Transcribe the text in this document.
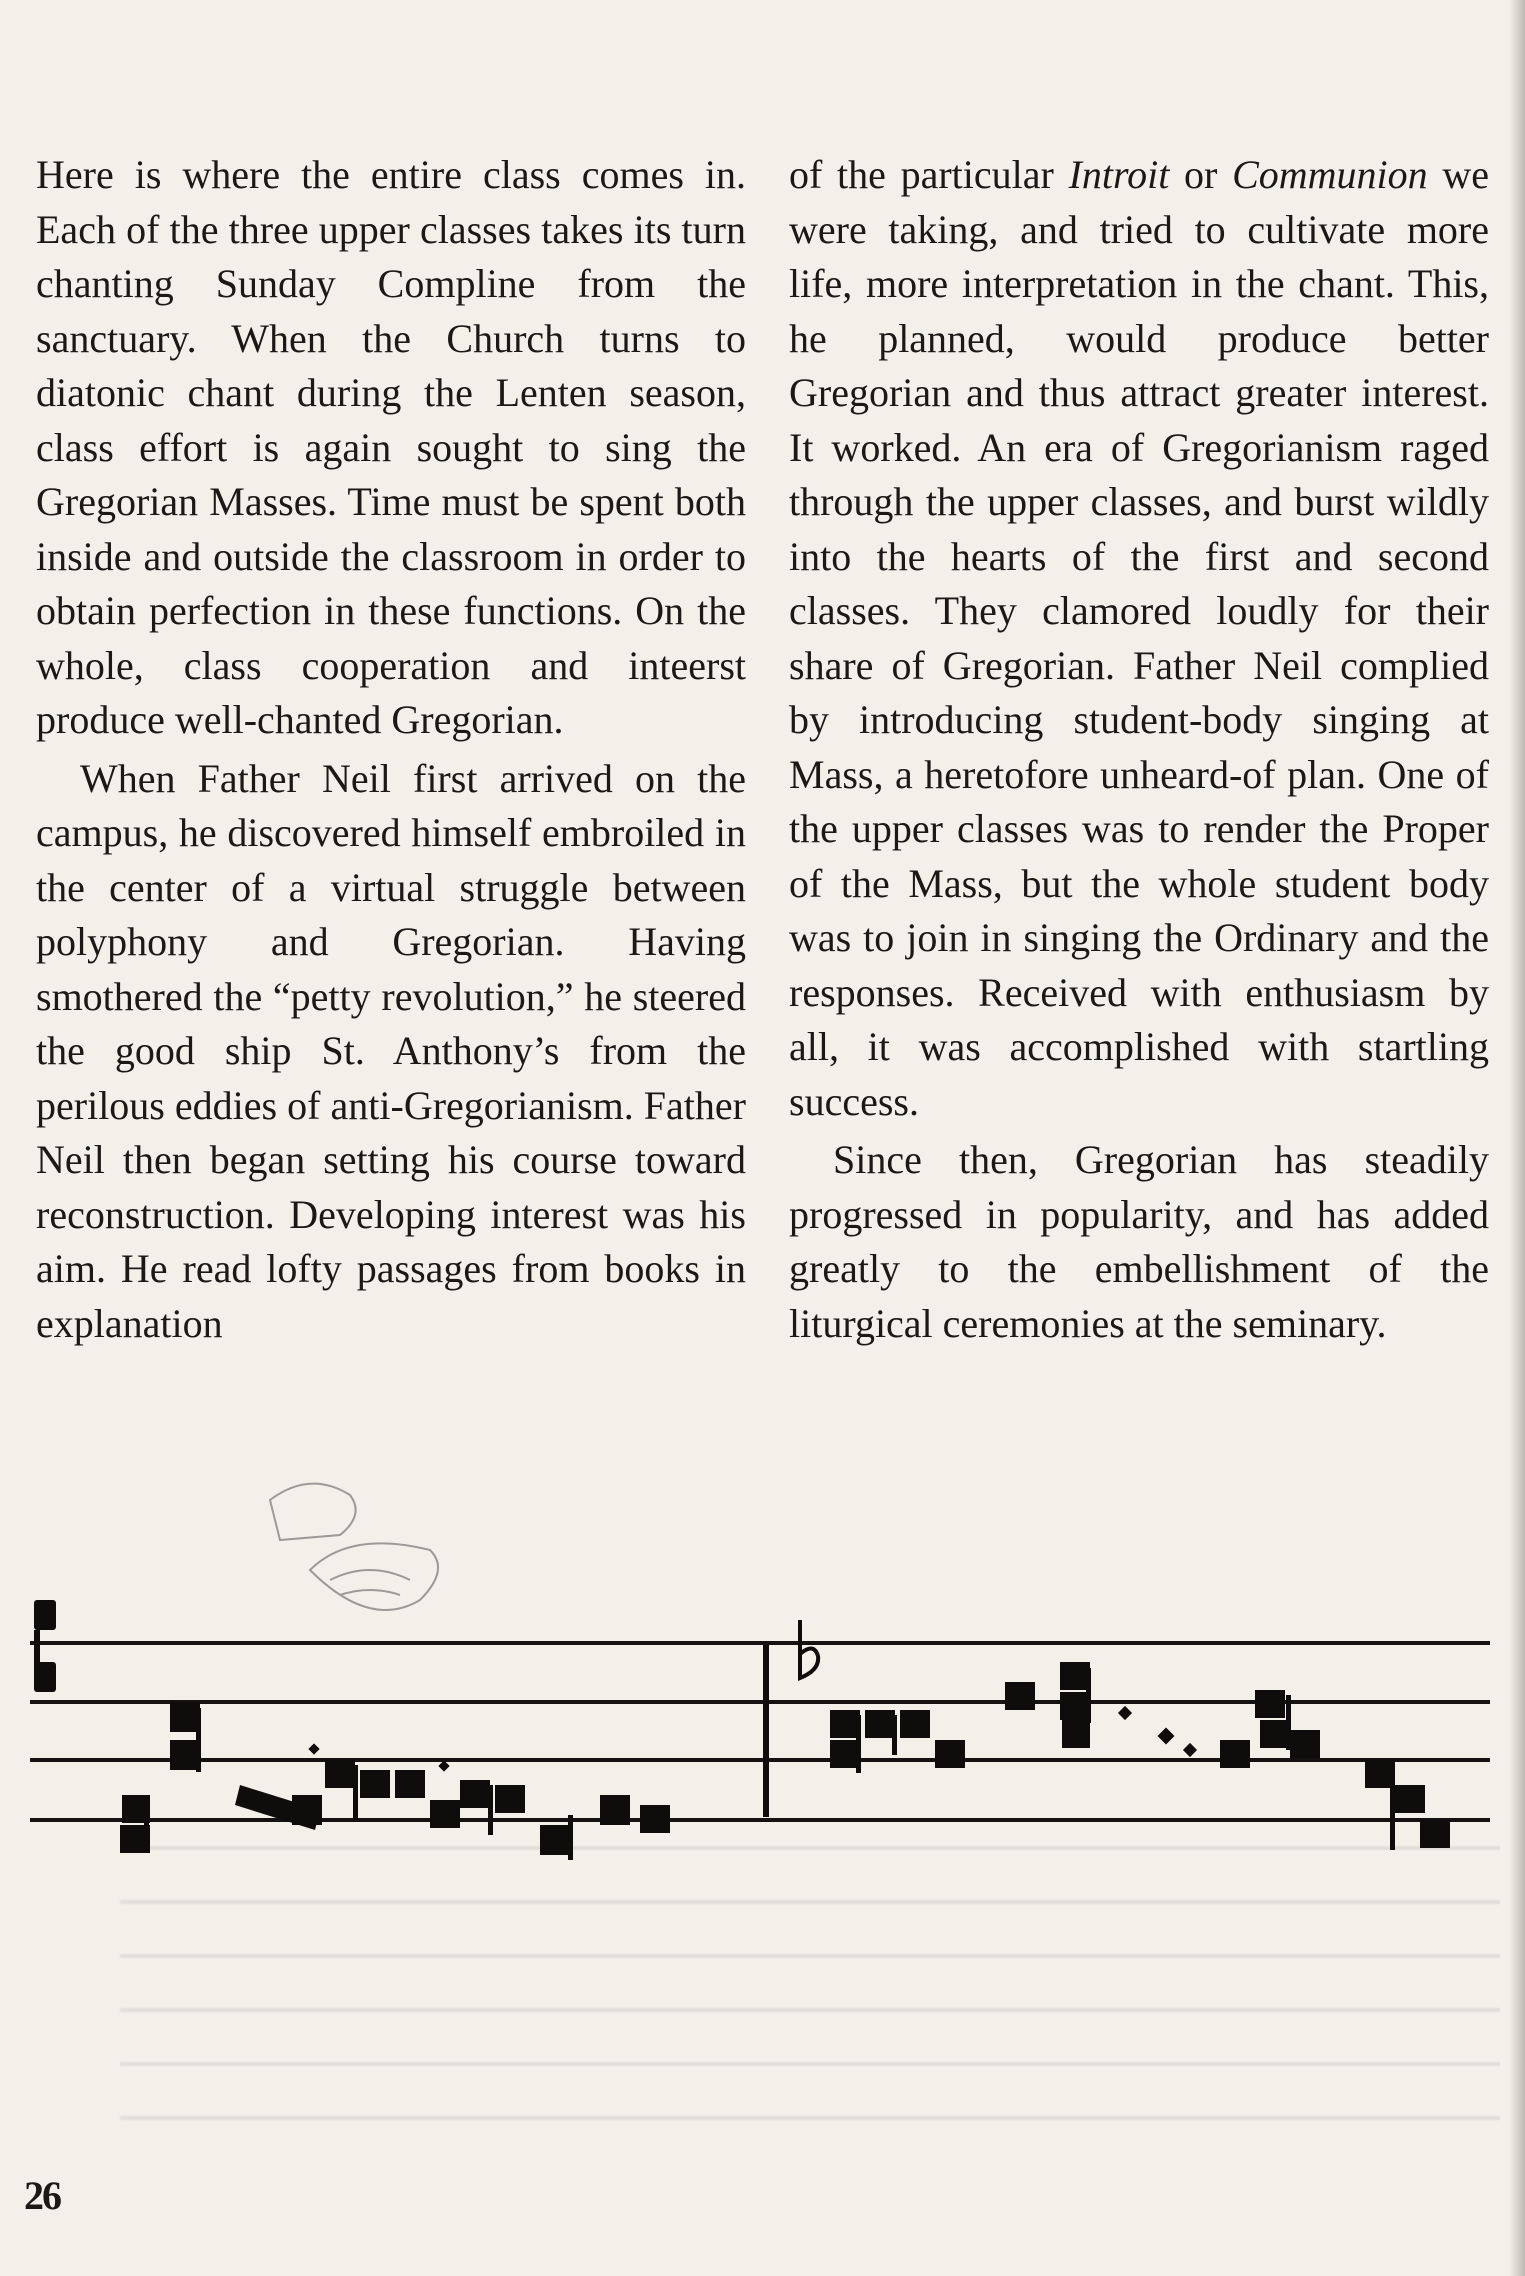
Here is where the entire class comes in. Each of the three upper classes takes its turn chanting Sunday Compline from the sanctuary. When the Church turns to diatonic chant during the Lenten season, class effort is again sought to sing the Gregorian Masses. Time must be spent both inside and outside the classroom in order to obtain perfection in these functions. On the whole, class cooperation and inteerst produce well-chanted Gregorian.

When Father Neil first arrived on the campus, he discovered himself embroiled in the center of a virtual struggle between polyphony and Gregorian. Having smothered the “petty revolution,” he steered the good ship St. Anthony’s from the perilous eddies of anti-Gregorianism. Father Neil then began setting his course toward reconstruction. Developing interest was his aim. He read lofty passages from books in explanation

of the particular Introit or Communion we were taking, and tried to cultivate more life, more interpretation in the chant. This, he planned, would produce better Gregorian and thus attract greater interest. It worked. An era of Gregorianism raged through the upper classes, and burst wildly into the hearts of the first and second classes. They clamored loudly for their share of Gregorian. Father Neil complied by introducing student-body singing at Mass, a heretofore unheard-of plan. One of the upper classes was to render the Proper of the Mass, but the whole student body was to join in singing the Ordinary and the responses. Received with enthusiasm by all, it was accomplished with startling success.

Since then, Gregorian has steadily progressed in popularity, and has added greatly to the embellishment of the liturgical ceremonies at the seminary.

26
